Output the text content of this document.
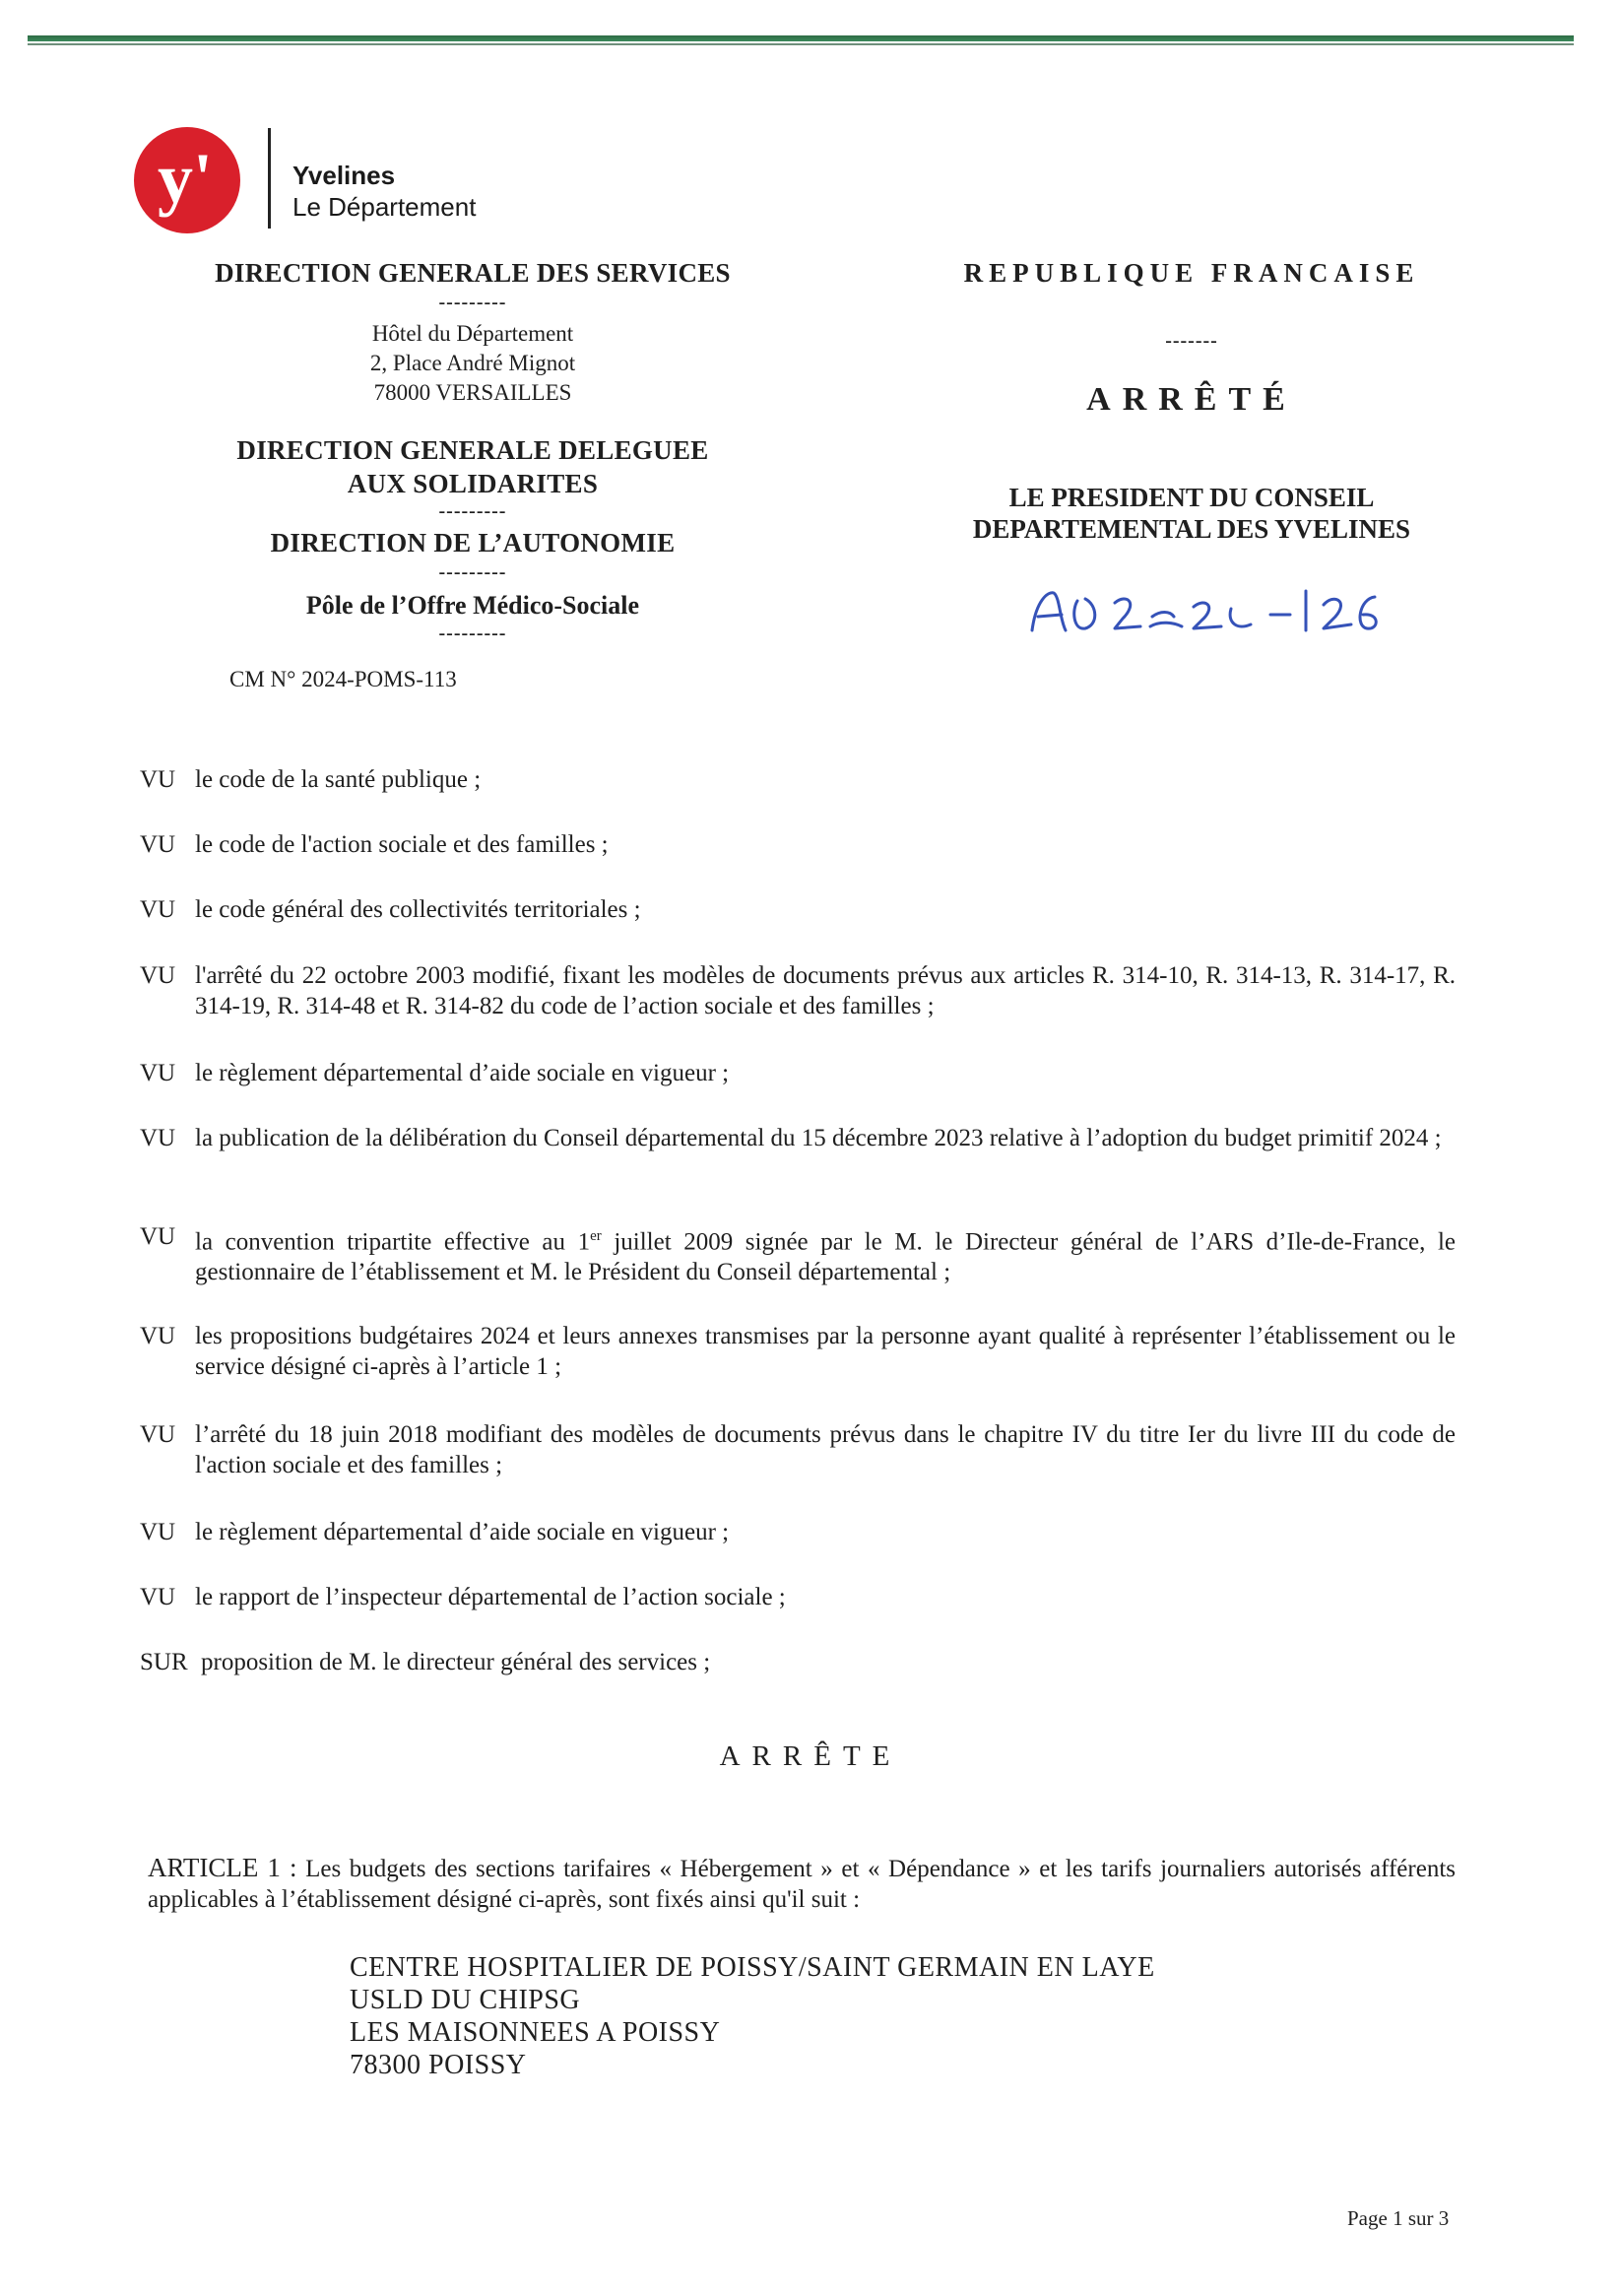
y'	Yvelines
Le Département
DIRECTION GENERALE DES SERVICES
---------
Hôtel du Département
2, Place André Mignot
78000 VERSAILLES
DIRECTION GENERALE DELEGUEE
AUX SOLIDARITES
---------
DIRECTION DE L’AUTONOMIE
---------
Pôle de l’Offre Médico-Sociale
---------
CM N° 2024-POMS-113
REPUBLIQUE FRANCAISE
-------
ARRÊTÉ
LE PRESIDENT DU CONSEIL
DEPARTEMENTAL DES YVELINES
VU le code de la santé publique ;
VU le code de l'action sociale et des familles ;
VU le code général des collectivités territoriales ;
VU l'arrêté du 22 octobre 2003 modifié, fixant les modèles de documents prévus aux articles R. 314-10, R. 314-13, R. 314-17, R. 314-19, R. 314-48 et R. 314-82 du code de l’action sociale et des familles ;
VU le règlement départemental d’aide sociale en vigueur ;
VU la publication de la délibération du Conseil départemental du 15 décembre 2023 relative à l’adoption du budget primitif 2024 ;
VU la convention tripartite effective au 1er juillet 2009 signée par le M. le Directeur général de l’ARS d’Ile-de-France, le gestionnaire de l’établissement et M. le Président du Conseil départemental ;
VU les propositions budgétaires 2024 et leurs annexes transmises par la personne ayant qualité à représenter l’établissement ou le service désigné ci-après à l’article 1 ;
VU l’arrêté du 18 juin 2018 modifiant des modèles de documents prévus dans le chapitre IV du titre Ier du livre III du code de l'action sociale et des familles ;
VU le règlement départemental d’aide sociale en vigueur ;
VU le rapport de l’inspecteur départemental de l’action sociale ;
SUR proposition de M. le directeur général des services ;
ARRÊTE
ARTICLE 1 : Les budgets des sections tarifaires « Hébergement » et « Dépendance » et les tarifs journaliers autorisés afférents applicables à l’établissement désigné ci-après, sont fixés ainsi qu'il suit :
CENTRE HOSPITALIER DE POISSY/SAINT GERMAIN EN LAYE
USLD DU CHIPSG
LES MAISONNEES A POISSY
78300 POISSY
Page 1 sur 3
